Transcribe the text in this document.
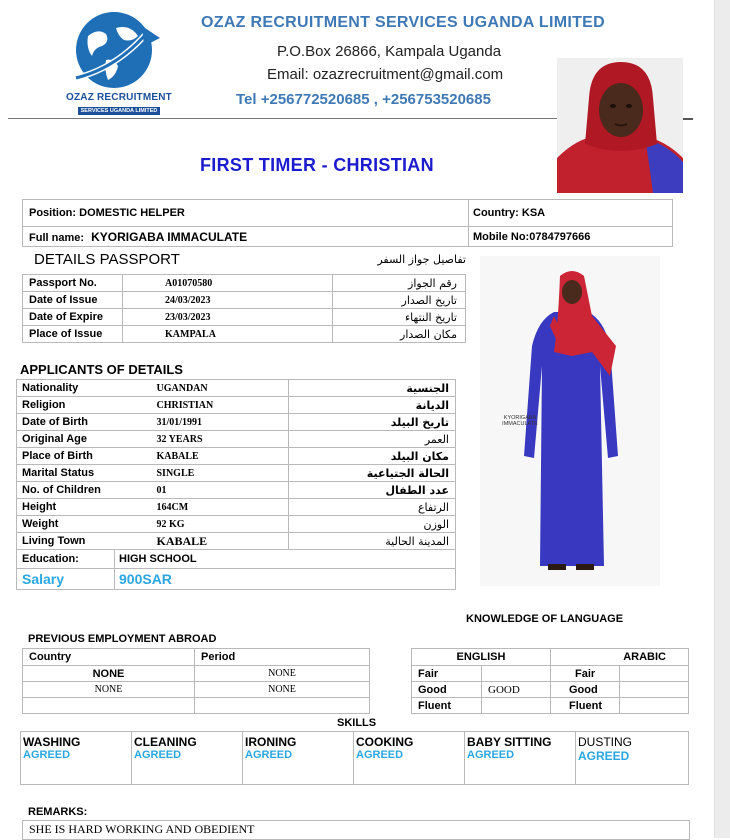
OZAZ RECRUITMENT
SERVICES UGANDA LIMITED
OZAZ RECRUITMENT SERVICES UGANDA LIMITED
P.O.Box 26866, Kampala Uganda
Email: ozazrecruitment@gmail.com
Tel +256772520685 , +256753520685
FIRST TIMER - CHRISTIAN
Position: DOMESTIC HELPER	Country: KSA
Full name: KYORIGABA IMMACULATE	Mobile No:0784797666
DETAILS PASSPORT	تفاصيل جواز السفر
Passport No.	A01070580	رقم الجواز
Date of Issue	24/03/2023	تاريخ الصدار
Date of Expire	23/03/2023	تاريخ النتهاء
Place of Issue	KAMPALA	مكان الصدار
APPLICANTS OF DETAILS
Nationality	UGANDAN	الجنسية
Religion	CHRISTIAN	الديانة
Date of Birth	31/01/1991	تاريخ البيلد
Original Age	32 YEARS	العمر
Place of Birth	KABALE	مكان البيلد
Marital Status	SINGLE	الحالة الجتياعية
No. of Children	01	عدد الطفال
Height	164CM	الرتفاع
Weight	92 KG	الوزن
Living Town	KABALE	المدينة الحالية
Education:	HIGH SCHOOL	
Salary	900SAR	
KYORIGABA IMMACULATE
KNOWLEDGE OF LANGUAGE
ENGLISH		ARABIC	
Fair		Fair	
Good	GOOD	Good	
Fluent		Fluent	
PREVIOUS EMPLOYMENT ABROAD
Country	Period
NONE	NONE
NONE	NONE

SKILLS
WASHING
AGREED

CLEANING
AGREED

IRONING
AGREED

COOKING
AGREED

BABY SITTING
AGREED

DUSTING
AGREED
REMARKS:
SHE IS HARD WORKING AND OBEDIENT
